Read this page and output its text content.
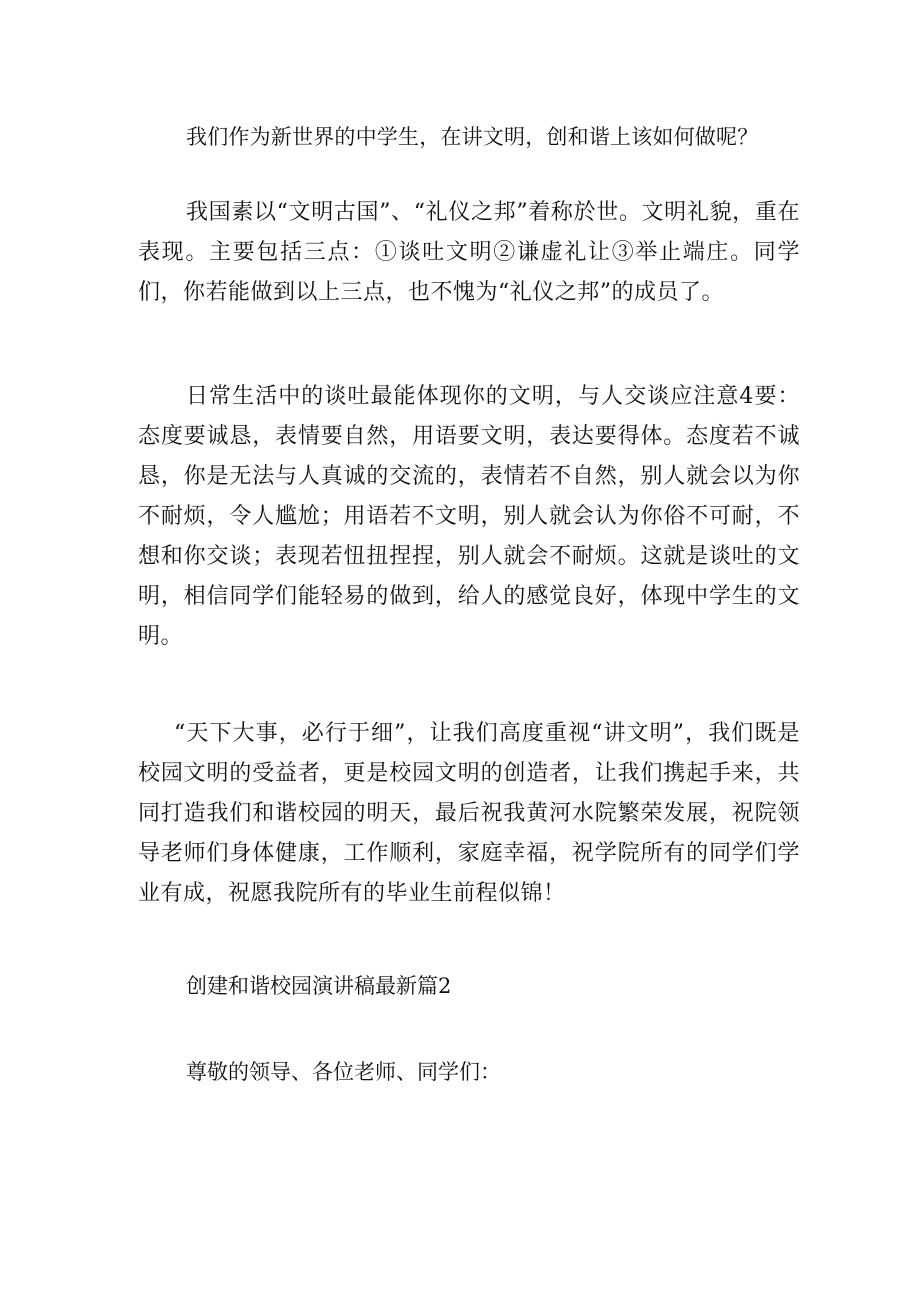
我们作为新世界的中学生，在讲文明，创和谐上该如何做呢？

我国素以“文明古国”、“礼仪之邦”着称於世。文明礼貌，重在表现。主要包括三点：①谈吐文明②谦虚礼让③举止端庄。同学们，你若能做到以上三点，也不愧为“礼仪之邦”的成员了。

日常生活中的谈吐最能体现你的文明，与人交谈应注意4要：态度要诚恳，表情要自然，用语要文明，表达要得体。态度若不诚恳，你是无法与人真诚的交流的，表情若不自然，别人就会以为你不耐烦，令人尴尬；用语若不文明，别人就会认为你俗不可耐，不想和你交谈；表现若忸扭捏捏，别人就会不耐烦。这就是谈吐的文明，相信同学们能轻易的做到，给人的感觉良好，体现中学生的文明。

“天下大事，必行于细”，让我们高度重视“讲文明”，我们既是校园文明的受益者，更是校园文明的创造者，让我们携起手来，共同打造我们和谐校园的明天，最后祝我黄河水院繁荣发展，祝院领导老师们身体健康，工作顺利，家庭幸福，祝学院所有的同学们学业有成，祝愿我院所有的毕业生前程似锦！

创建和谐校园演讲稿最新篇2

尊敬的领导、各位老师、同学们：
